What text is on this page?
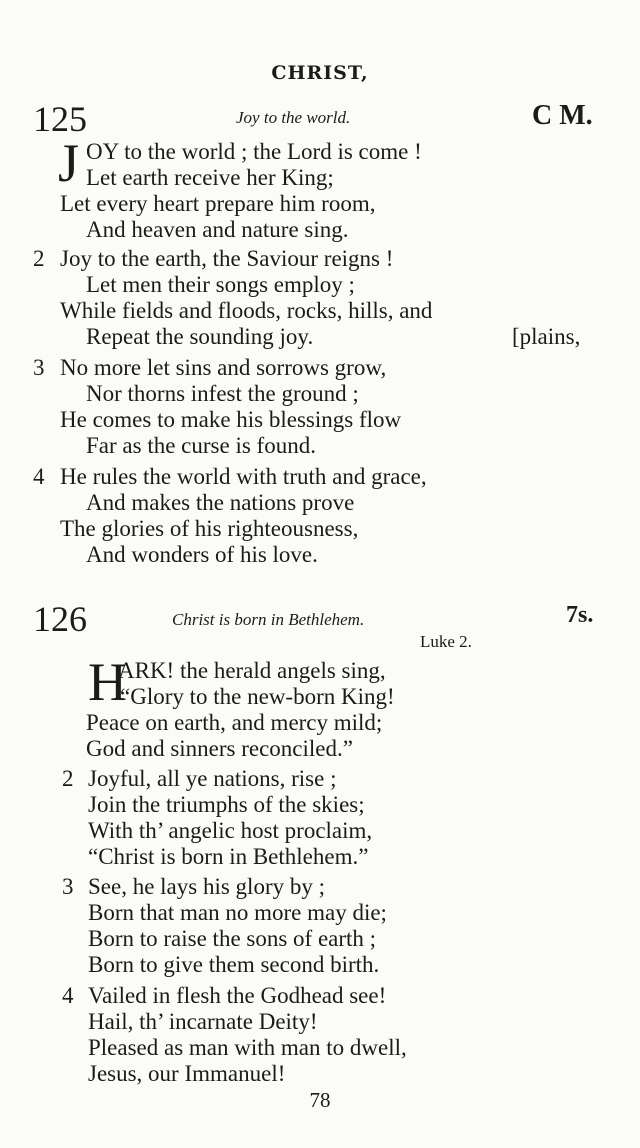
CHRIST,
125	Joy to the world.	C M.
J OY to the world ; the Lord is come !
Let earth receive her King;
Let every heart prepare him room,
And heaven and nature sing.
2 Joy to the earth, the Saviour reigns !
Let men their songs employ ;
While fields and floods, rocks, hills, and
Repeat the sounding joy.	[plains,
3 No more let sins and sorrows grow,
Nor thorns infest the ground ;
He comes to make his blessings flow
Far as the curse is found.
4 He rules the world with truth and grace,
And makes the nations prove
The glories of his righteousness,
And wonders of his love.
126	Christ is born in Bethlehem.	7s.
Luke 2.
H
ARK! the herald angels sing,
“Glory to the new-born King!
Peace on earth, and mercy mild;
God and sinners reconciled.”
2 Joyful, all ye nations, rise ;
Join the triumphs of the skies;
With th’ angelic host proclaim,
“Christ is born in Bethlehem.”
3 See, he lays his glory by ;
Born that man no more may die;
Born to raise the sons of earth ;
Born to give them second birth.
4 Vailed in flesh the Godhead see!
Hail, th’ incarnate Deity!
Pleased as man with man to dwell,
Jesus, our Immanuel!
78
